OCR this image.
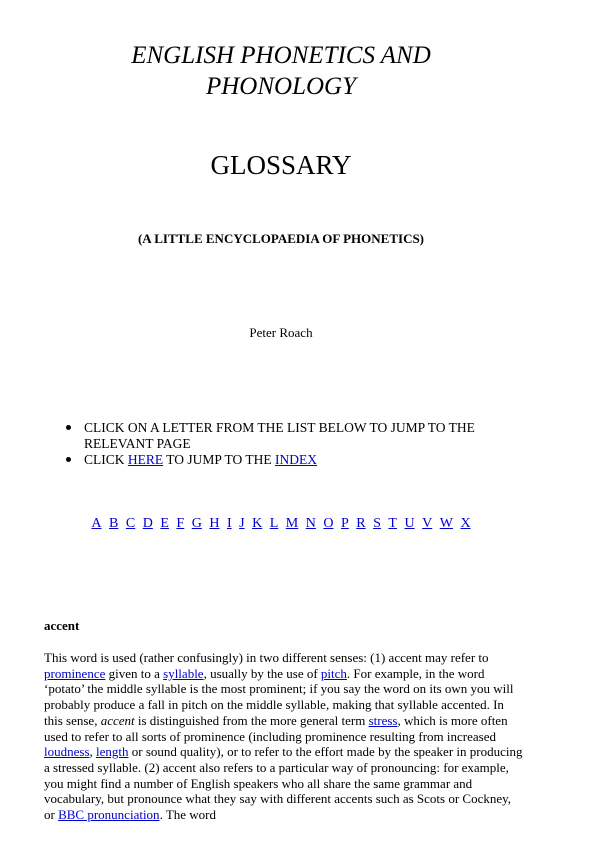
ENGLISH PHONETICS AND
PHONOLOGY
GLOSSARY
(A LITTLE ENCYCLOPAEDIA OF PHONETICS)
Peter Roach
CLICK ON A LETTER FROM THE LIST BELOW TO JUMP TO THE RELEVANT PAGE
CLICK HERE TO JUMP TO THE INDEX
A B C D E F G H I J K L M N O P R S T U V W X
accent

This word is used (rather confusingly) in two different senses: (1) accent may refer to prominence given to a syllable, usually by the use of pitch. For example, in the word ‘potato’ the middle syllable is the most prominent; if you say the word on its own you will probably produce a fall in pitch on the middle syllable, making that syllable accented. In this sense, accent is distinguished from the more general term stress, which is more often used to refer to all sorts of prominence (including prominence resulting from increased loudness, length or sound quality), or to refer to the effort made by the speaker in producing a stressed syllable. (2) accent also refers to a particular way of pronouncing: for example, you might find a number of English speakers who all share the same grammar and vocabulary, but pronounce what they say with different accents such as Scots or Cockney, or BBC pronunciation. The word
